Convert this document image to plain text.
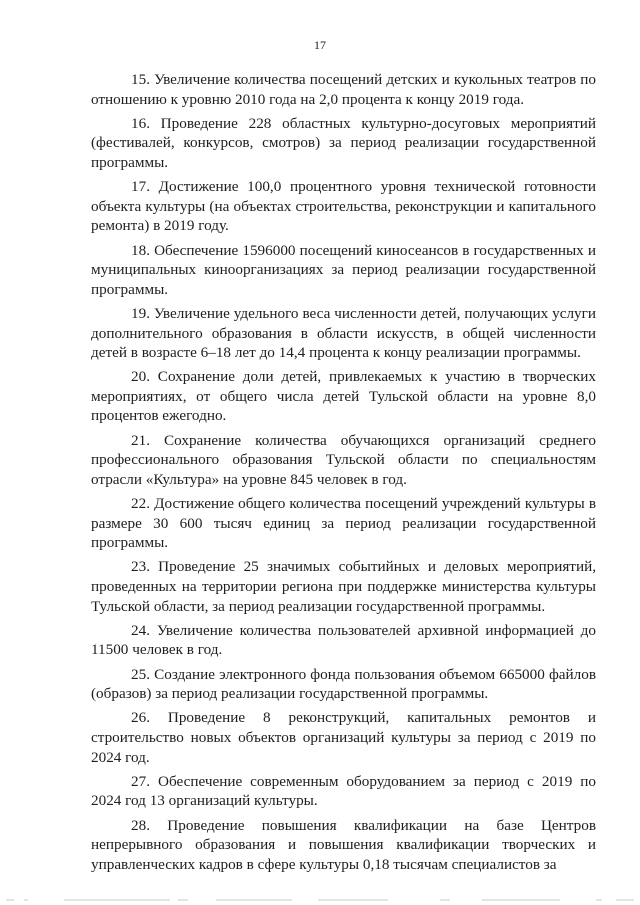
17

15. Увеличение количества посещений детских и кукольных театров по отношению к уровню 2010 года на 2,0 процента к концу 2019 года.

16. Проведение 228 областных культурно-досуговых мероприятий (фестивалей, конкурсов, смотров) за период реализации государственной программы.

17. Достижение 100,0 процентного уровня технической готовности объекта культуры (на объектах строительства, реконструкции и капитального ремонта) в 2019 году.

18. Обеспечение 1596000 посещений киносеансов в государственных и муниципальных киноорганизациях за период реализации государственной программы.

19. Увеличение удельного веса численности детей, получающих услуги дополнительного образования в области искусств, в общей численности детей в возрасте 6–18 лет до 14,4 процента к концу реализации программы.

20. Сохранение доли детей, привлекаемых к участию в творческих мероприятиях, от общего числа детей Тульской области на уровне 8,0 процентов ежегодно.

21. Сохранение количества обучающихся организаций среднего профессионального образования Тульской области по специальностям отрасли «Культура» на уровне 845 человек в год.

22. Достижение общего количества посещений учреждений культуры в размере 30 600 тысяч единиц за период реализации государственной программы.

23. Проведение 25 значимых событийных и деловых мероприятий, проведенных на территории региона при поддержке министерства культуры Тульской области, за период реализации государственной программы.

24. Увеличение количества пользователей архивной информацией до 11500 человек в год.

25. Создание электронного фонда пользования объемом 665000 файлов (образов) за период реализации государственной программы.

26. Проведение 8 реконструкций, капитальных ремонтов и строительство новых объектов организаций культуры за период с 2019 по 2024 год.

27. Обеспечение современным оборудованием за период с 2019 по 2024 год 13 организаций культуры.

28. Проведение повышения квалификации на базе Центров непрерывного образования и повышения квалификации творческих и управленческих кадров в сфере культуры 0,18 тысячам специалистов за
